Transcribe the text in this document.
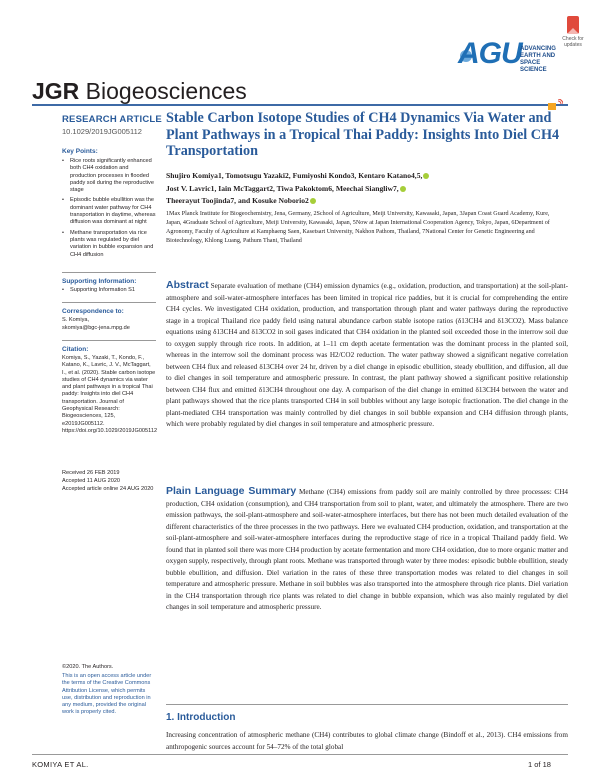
AGU
ADVANCING EARTH AND SPACE SCIENCE
Check for updates
JGR Biogeosciences
RESEARCH ARTICLE
10.1029/2019JG005112
Key Points:
• Rice roots significantly enhanced both CH4 oxidation and production processes in flooded paddy soil during the reproductive stage
• Episodic bubble ebullition was the dominant water pathway for CH4 transportation in daytime, whereas diffusion was dominant at night
• Methane transportation via rice plants was regulated by diel variation in bubble expansion and CH4 diffusion
Supporting Information:
• Supporting Information S1
Correspondence to:
S. Komiya,
skomiya@bgc-jena.mpg.de
Citation:
Komiya, S., Yazaki, T., Kondo, F., Katano, K., Lavric, J. V., McTaggart, I., et al. (2020). Stable carbon isotope studies of CH4 dynamics via water and plant pathways in a tropical Thai paddy: Insights into diel CH4 transportation. Journal of Geophysical Research: Biogeosciences, 125, e2019JG005112. https://doi.org/10.1029/2019JG005112
Received 26 FEB 2019
Accepted 11 AUG 2020
Accepted article online 24 AUG 2020
©2020. The Authors.
This is an open access article under the terms of the Creative Commons Attribution License, which permits use, distribution and reproduction in any medium, provided the original work is properly cited.
Stable Carbon Isotope Studies of CH4 Dynamics Via Water and Plant Pathways in a Tropical Thai Paddy: Insights Into Diel CH4 Transportation
Shujiro Komiya1, Tomotsugu Yazaki2, Fumiyoshi Kondo3, Kentaro Katano4,5,
Jost V. Lavric1, Iain McTaggart2, Tiwa Pakoktom6, Meechai Siangliw7,
Theerayut Toojinda7, and Kosuke Noborio2
1Max Planck Institute for Biogeochemistry, Jena, Germany, 2School of Agriculture, Meiji University, Kawasaki, Japan, 3Japan Coast Guard Academy, Kure, Japan, 4Graduate School of Agriculture, Meiji University, Kawasaki, Japan, 5Now at Japan International Cooperation Agency, Tokyo, Japan, 6Department of Agronomy, Faculty of Agriculture at Kamphaeng Saen, Kasetsart University, Nakhon Pathom, Thailand, 7National Center for Genetic Engineering and Biotechnology, Khlong Luang, Pathum Thani, Thailand
Abstract Separate evaluation of methane (CH4) emission dynamics (e.g., oxidation, production, and transportation) at the soil-plant-atmosphere and soil-water-atmosphere interfaces has been limited in tropical rice paddies, but it is crucial for comprehending the entire CH4 cycles. We investigated CH4 oxidation, production, and transportation through plant and water pathways during the reproductive stage in a tropical Thailand rice paddy field using natural abundance carbon stable isotope ratios (δ13CH4 and δ13CO2). Mass balance equations using δ13CH4 and δ13CO2 in soil gases indicated that CH4 oxidation in the planted soil exceeded those in the interrow soil due to oxygen supply through rice roots. In addition, at 1–11 cm depth acetate fermentation was the dominant process in the planted soil, whereas in the interrow soil the dominant process was H2/CO2 reduction. The water pathway showed a significant negative correlation between CH4 flux and released δ13CH4 over 24 hr, driven by a diel change in episodic ebullition, steady ebullition, and diffusion, all due to diel changes in soil temperature and atmospheric pressure. In contrast, the plant pathway showed a significant positive relationship between CH4 flux and emitted δ13CH4 throughout one day. A comparison of the diel change in emitted δ13CH4 between the water and plant pathways showed that the rice plants transported CH4 in soil bubbles without any large isotopic fractionation. The diel change in the plant-mediated CH4 transportation was mainly controlled by diel changes in soil bubble expansion and CH4 diffusion through plants, which were probably regulated by diel changes in soil temperature and atmospheric pressure.
Plain Language Summary Methane (CH4) emissions from paddy soil are mainly controlled by three processes: CH4 production, CH4 oxidation (consumption), and CH4 transportation from soil to plant, water, and ultimately the atmosphere. There are two emission pathways, the soil-plant-atmosphere and soil-water-atmosphere interfaces, but there has not been much detailed evaluation of the different characteristics of the three processes in the two pathways. Here we evaluated CH4 production, oxidation, and transportation at the soil-plant-atmosphere and soil-water-atmosphere interfaces during the reproductive stage of rice in a tropical Thailand paddy field. We found that in planted soil there was more CH4 production by acetate fermentation and more CH4 oxidation, due to more organic matter and oxygen supply, respectively, through plant roots. Methane was transported through water by three modes: episodic bubble ebullition, steady bubble ebullition, and diffusion. Diel variation in the rates of these three transportation modes was related to diel changes in soil temperature and atmospheric pressure. Methane in soil bubbles was also transported into the atmosphere through rice plants. Diel variation in the CH4 transportation through rice plants was related to diel change in bubble expansion, which was also mainly regulated by diel changes in soil temperature and atmospheric pressure.
1. Introduction
Increasing concentration of atmospheric methane (CH4) contributes to global climate change (Bindoff et al., 2013). CH4 emissions from anthropogenic sources account for 54–72% of the total global
KOMIYA ET AL.	1 of 18
